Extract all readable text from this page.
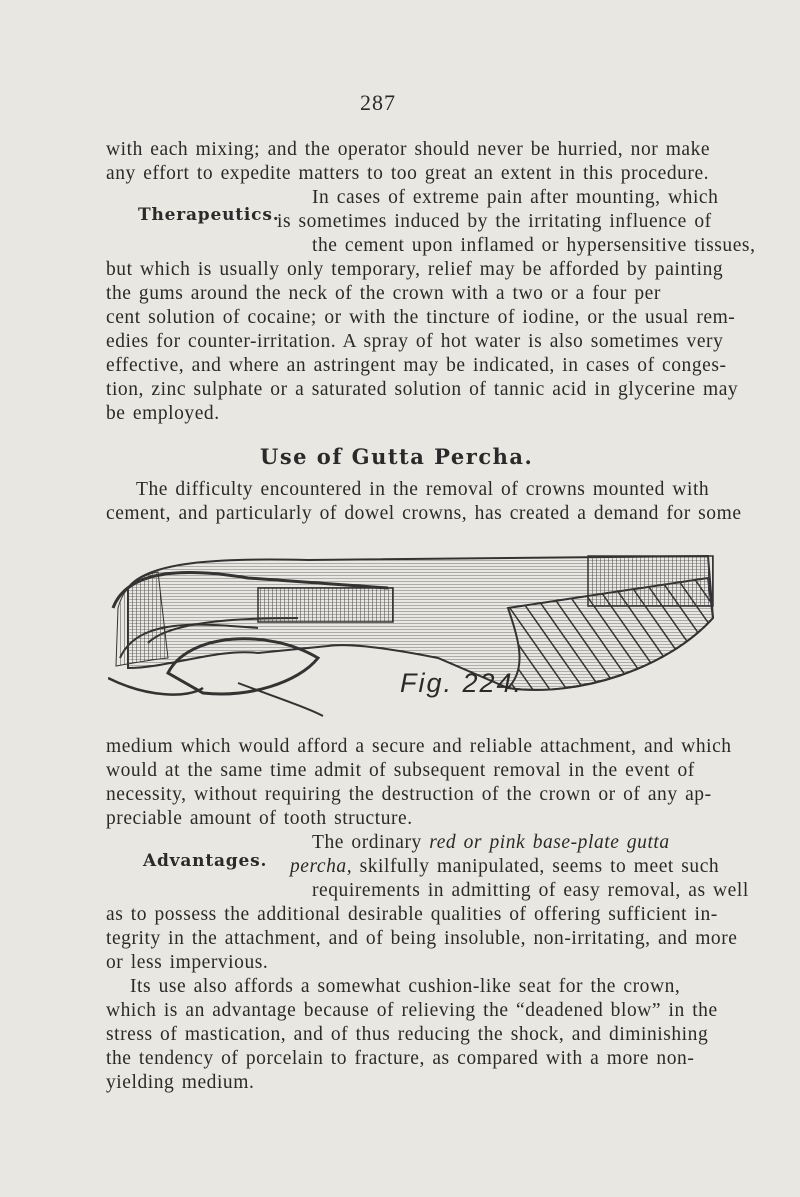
287
with each mixing; and the operator should never be hurried, nor make
any effort to expedite matters to too great an extent in this procedure.
In cases of extreme pain after mounting, which
Therapeutics.
is sometimes induced by the irritating influence of
the cement upon inflamed or hypersensitive tissues,
but which is usually only temporary, relief may be afforded by painting
the gums around the neck of the crown with a two or a four per
cent solution of cocaine; or with the tincture of iodine, or the usual rem-
edies for counter-irritation. A spray of hot water is also sometimes very
effective, and where an astringent may be indicated, in cases of conges-
tion, zinc sulphate or a saturated solution of tannic acid in glycerine may
be employed.
Use of Gutta Percha.
The difficulty encountered in the removal of crowns mounted with
cement, and particularly of dowel crowns, has created a demand for some
Fig. 224.
medium which would afford a secure and reliable attachment, and which
would at the same time admit of subsequent removal in the event of
necessity, without requiring the destruction of the crown or of any ap-
preciable amount of tooth structure.
The ordinary red or pink base-plate gutta
Advantages. percha, skilfully manipulated, seems to meet such
requirements in admitting of easy removal, as well
as to possess the additional desirable qualities of offering sufficient in-
tegrity in the attachment, and of being insoluble, non-irritating, and more
or less impervious.
Its use also affords a somewhat cushion-like seat for the crown,
which is an advantage because of relieving the “deadened blow” in the
stress of mastication, and of thus reducing the shock, and diminishing
the tendency of porcelain to fracture, as compared with a more non-
yielding medium.
